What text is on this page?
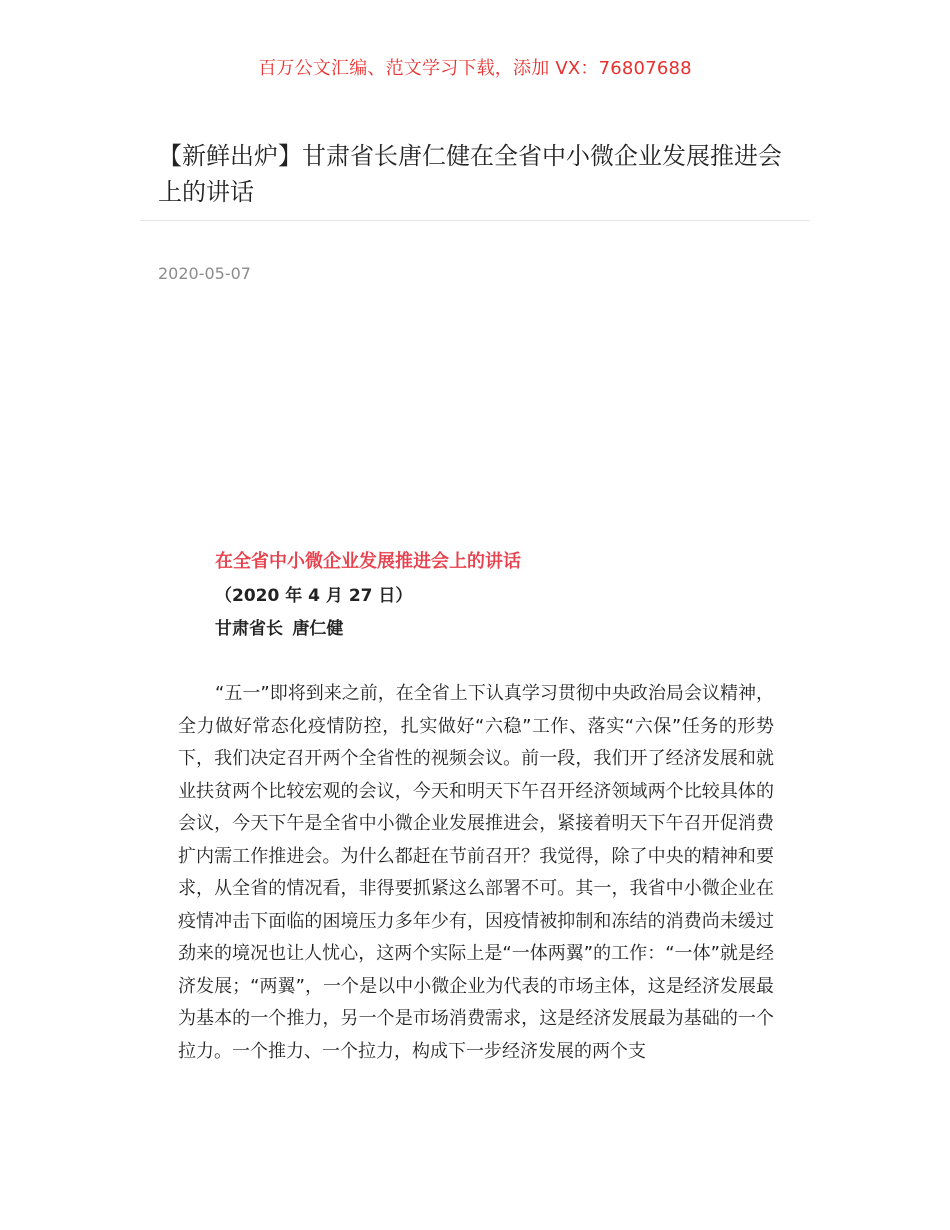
百万公文汇编、范文学习下载，添加 VX：76807688
【新鲜出炉】甘肃省长唐仁健在全省中小微企业发展推进会上的讲话
2020-05-07
在全省中小微企业发展推进会上的讲话
（2020 年 4 月 27 日）
甘肃省长 唐仁健

“五一”即将到来之前，在全省上下认真学习贯彻中央政治局会议精神，全力做好常态化疫情防控，扎实做好“六稳”工作、落实“六保”任务的形势下，我们决定召开两个全省性的视频会议。前一段，我们开了经济发展和就业扶贫两个比较宏观的会议，今天和明天下午召开经济领域两个比较具体的会议，今天下午是全省中小微企业发展推进会，紧接着明天下午召开促消费扩内需工作推进会。为什么都赶在节前召开？我觉得，除了中央的精神和要求，从全省的情况看，非得要抓紧这么部署不可。其一，我省中小微企业在疫情冲击下面临的困境压力多年少有，因疫情被抑制和冻结的消费尚未缓过劲来的境况也让人忧心，这两个实际上是“一体两翼”的工作：“一体”就是经济发展；“两翼”，一个是以中小微企业为代表的市场主体，这是经济发展最为基本的一个推力，另一个是市场消费需求，这是经济发展最为基础的一个拉力。一个推力、一个拉力，构成下一步经济发展的两个支
